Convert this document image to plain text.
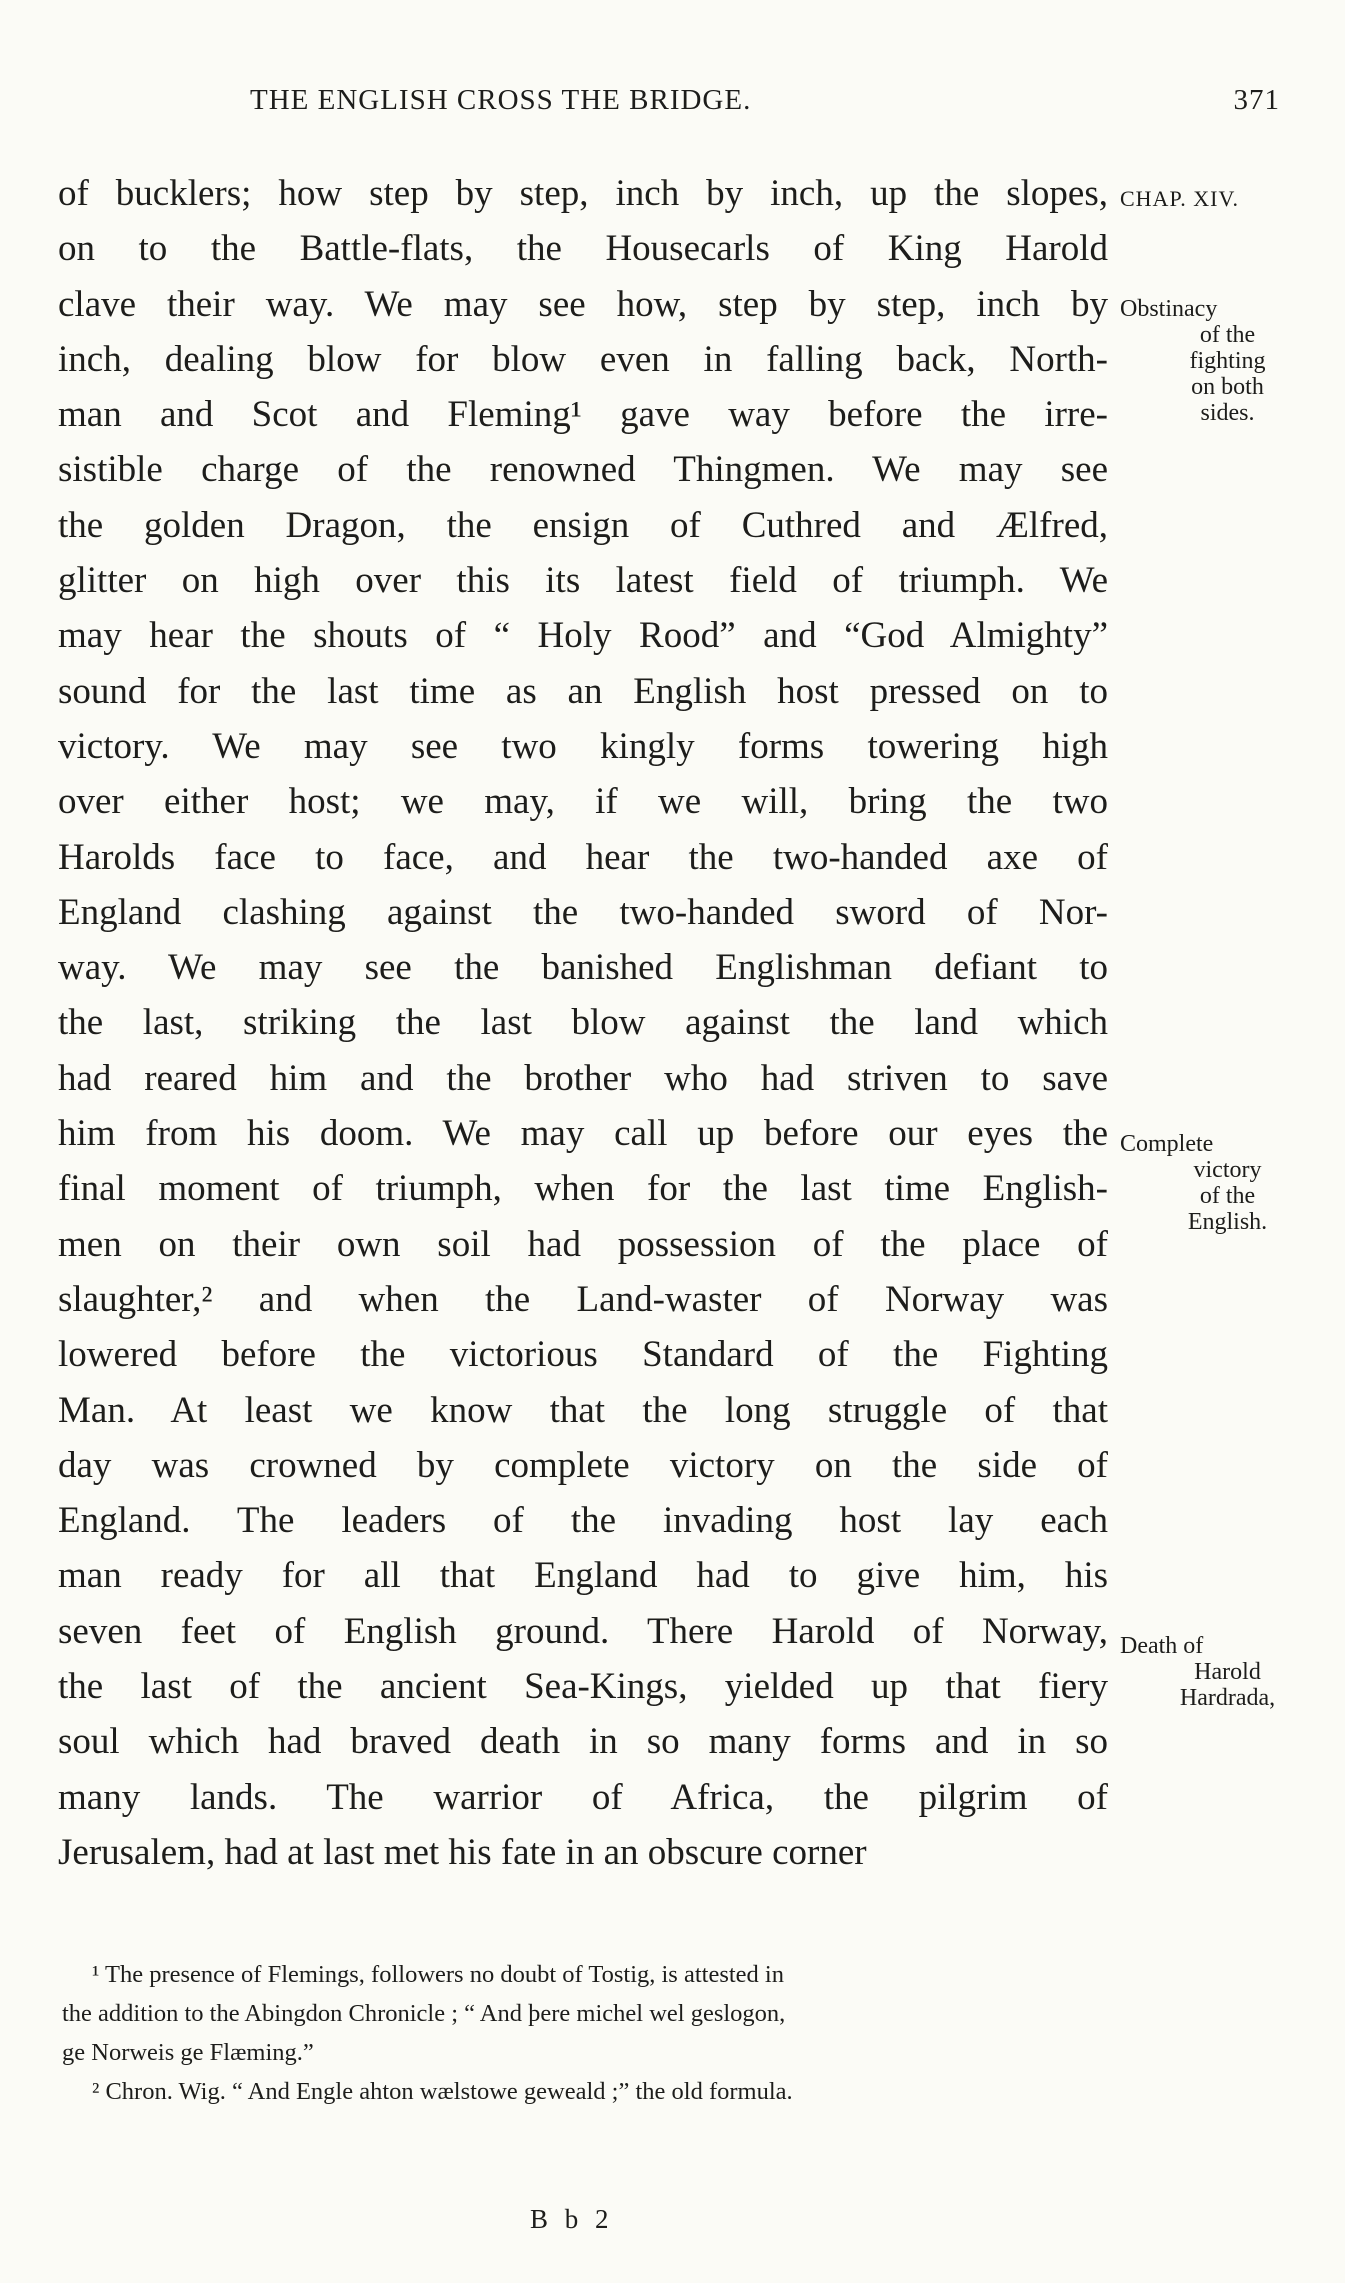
THE ENGLISH CROSS THE BRIDGE.	371
of bucklers; how step by step, inch by inch, up the slopes,
on to the Battle-flats, the Housecarls of King Harold
clave their way. We may see how, step by step, inch by
inch, dealing blow for blow even in falling back, North-
man and Scot and Fleming¹ gave way before the irre-
sistible charge of the renowned Thingmen. We may see
the golden Dragon, the ensign of Cuthred and Ælfred,
glitter on high over this its latest field of triumph. We
may hear the shouts of “ Holy Rood” and “God Almighty”
sound for the last time as an English host pressed on to
victory. We may see two kingly forms towering high
over either host; we may, if we will, bring the two
Harolds face to face, and hear the two-handed axe of
England clashing against the two-handed sword of Nor-
way. We may see the banished Englishman defiant to
the last, striking the last blow against the land which
had reared him and the brother who had striven to save
him from his doom. We may call up before our eyes the
final moment of triumph, when for the last time English-
men on their own soil had possession of the place of
slaughter,² and when the Land-waster of Norway was
lowered before the victorious Standard of the Fighting
Man. At least we know that the long struggle of that
day was crowned by complete victory on the side of
England. The leaders of the invading host lay each
man ready for all that England had to give him, his
seven feet of English ground. There Harold of Norway,
the last of the ancient Sea-Kings, yielded up that fiery
soul which had braved death in so many forms and in so
many lands. The warrior of Africa, the pilgrim of
Jerusalem, had at last met his fate in an obscure corner
CHAP. XIV.
Obstinacy
of the
fighting
on both
sides.
Complete
victory
of the
English.
Death of
Harold
Hardrada,
¹ The presence of Flemings, followers no doubt of Tostig, is attested in
the addition to the Abingdon Chronicle ; “ And þere michel wel geslogon,
ge Norweis ge Flæming.”
² Chron. Wig. “ And Engle ahton wælstowe geweald ;” the old formula.
B b 2
